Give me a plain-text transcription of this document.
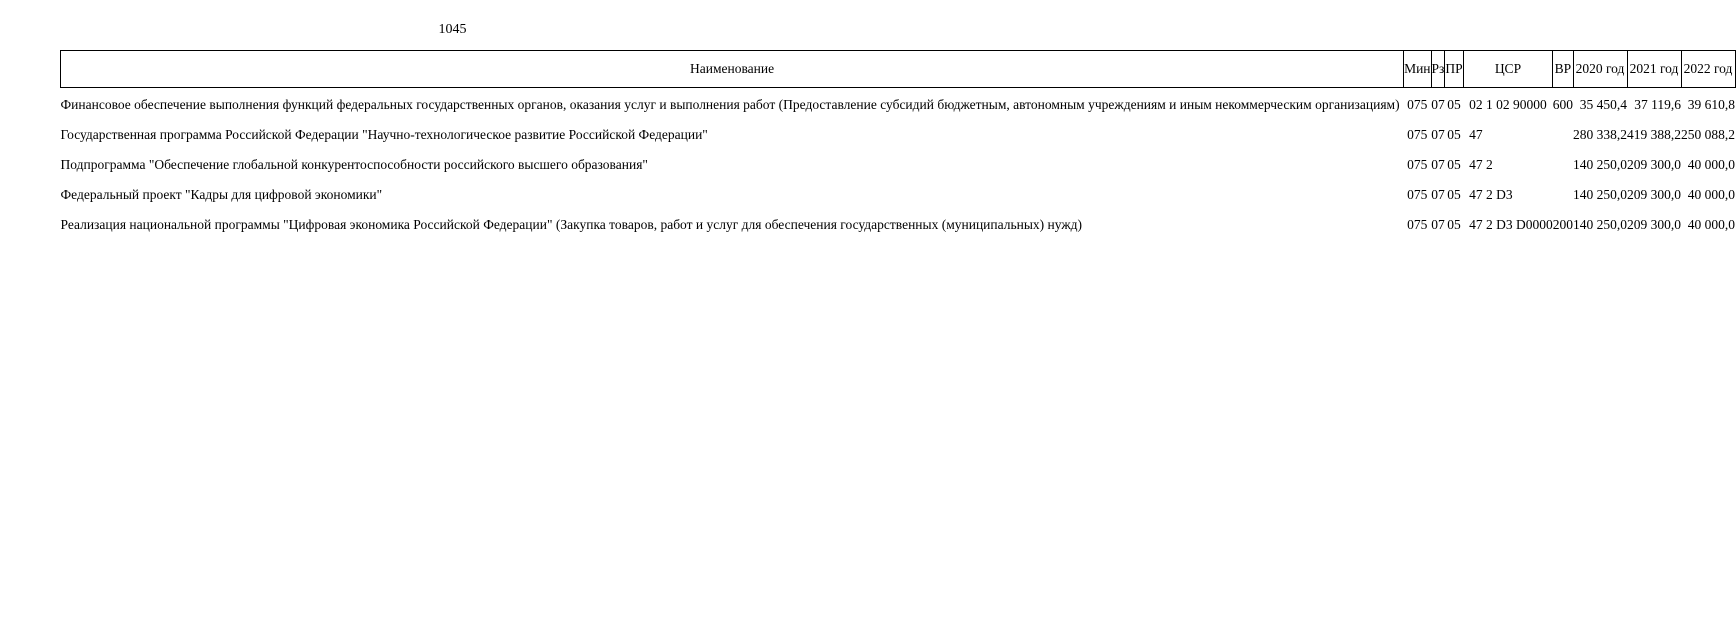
1045
Наименование	Мин	Рз	ПР	ЦСР	ВР	2020 год	2021 год	2022 год
Финансовое обеспечение выполнения функций федеральных государственных органов, оказания услуг и выполнения работ (Предоставление субсидий бюджетным, автономным учреждениям и иным некоммерческим организациям)	075	07	05	02 1 02 90000	600	35 450,4	37 119,6	39 610,8
Государственная программа Российской Федерации "Научно-технологическое развитие Российской Федерации"	075	07	05	47		280 338,2	419 388,2	250 088,2
Подпрограмма "Обеспечение глобальной конкурентоспособности российского высшего образования"	075	07	05	47 2		140 250,0	209 300,0	40 000,0
Федеральный проект "Кадры для цифровой экономики"	075	07	05	47 2 D3		140 250,0	209 300,0	40 000,0
Реализация национальной программы "Цифровая экономика Российской Федерации" (Закупка товаров, работ и услуг для обеспечения государственных (муниципальных) нужд)	075	07	05	47 2 D3 D0000	200	140 250,0	209 300,0	40 000,0
